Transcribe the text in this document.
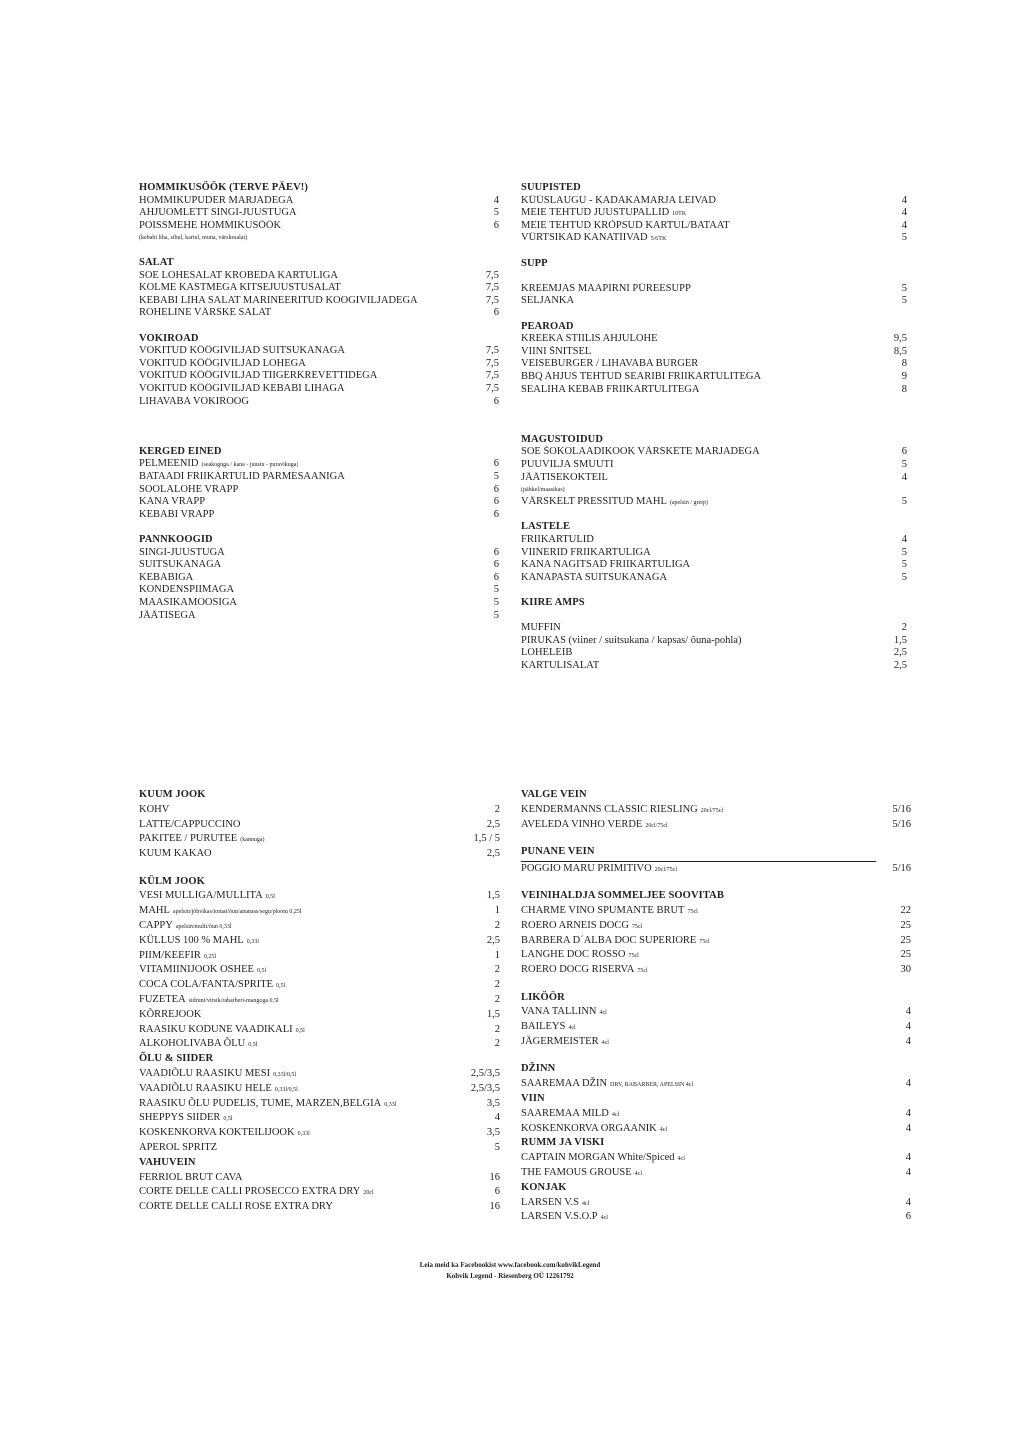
HOMMIKUSÖÖK (TERVE PÄEV!)
HOMMIKUPUDER MARJADEGA	4
AHJUOMLETT SINGI-JUUSTUGA	5
POISSMEHE HOMMIKUSÖÖK	6
(kebabi liha, sibul, kartul, muna, värskesalat)
SALAT
SOE LOHESALAT KROBEDA KARTULIGA	7,5
KOLME KASTMEGA KITSEJUUSTUSALAT	7,5
KEBABI LIHA SALAT MARINEERITUD KOOGIVILJADEGA	7,5
ROHELINE VÄRSKE SALAT	6
VOKIROAD
VOKITUD KÖÖGIVILJAD SUITSUKANAGA	7,5
VOKITUD KÖÖGIVILJAD LOHEGA	7,5
VOKITUD KÖÖGIVILJAD TIIGERKREVETTIDEGA	7,5
VOKITUD KÖÖGIVILJAD KEBABI LIHAGA	7,5
LIHAVABA VOKIROOG	6
KERGED EINED
PELMEENID (seakoguga / kana - juustu - puravikuga)	6
BATAADI FRIIKARTULID PARMESAANIGA	5
SOOLALOHE VRAPP	6
KANA VRAPP	6
KEBABI VRAPP	6
PANNKOOGID
SINGI-JUUSTUGA	6
SUITSUKANAGA	6
KEBABIGA	6
KONDENSPIIMAGA	5
MAASIKAMOOSIGA	5
JÄÄTISEGA	5
SUUPISTED
KÜÜSLAUGU - KADAKAMARJA LEIVAD	4
MEIE TEHTUD JUUSTUPALLID 10TK	4
MEIE TEHTUD KRÕPSUD KARTUL/BATAAT	4
VÜRTSIKAD KANATIIVAD 5/6TK	5
SUPP
KREEMJAS MAAPIRNI PÜREESUPP	5
SELJANKA	5
PEAROAD
KREEKA STIILIS AHJULOHE	9,5
VIINI ŠNITSEL	8,5
VEISEBURGER / LIHAVABA BURGER	8
BBQ AHJUS TEHTUD SEARIBI FRIIKARTULITEGA	9
SEALIHA KEBAB FRIIKARTULITEGA	8
MAGUSTOIDUD
SOE ŠOKOLAADIKOOK VÄRSKETE MARJADEGA	6
PUUVILJA SMUUTI	5
JÄÄTISEKOKTEIL	4
(pähkel/maasikas)
VÄRSKELT PRESSITUD MAHL (apelsin / greip)	5
LASTELE
FRIIKARTULID	4
VIINERID FRIIKARTULIGA	5
KANA NAGITSAD FRIIKARTULIGA	5
KANAPASTA SUITSUKANAGA	5
KIIRE AMPS
MUFFIN	2
PIRUKAS (viiner / suitsukana / kapsas/ õuna-pohla)	1,5
LOHELEIB	2,5
KARTULISALAT	2,5
KUUM JOOK
KOHV	2
LATTE/CAPPUCCINO	2,5
PAKITEE / PURUTEE (kannuga)	1,5 / 5
KUUM KAKAO	2,5
KÜLM JOOK
VESI MULLIGA/MULLITA 0,5l	1,5
MAHL apelsin/jõhvikas/tomat/õun/ananass/segu/ploom 0,25l	1
CAPPY apelsin/multi/õun 0,33l	2
KÜLLUS 100 % MAHL 0,33l	2,5
PIIM/KEEFIR 0,25l	1
VITAMIINIJOOK OSHEE 0,5l	2
COCA COLA/FANTA/SPRITE 0,5l	2
FUZETEA sidruni/virsik/rabarberi-mangoga 0,5l	2
KÕRREJOOK	1,5
RAASIKU KODUNE VAADIKALI 0,5l	2
ALKOHOLIVABA ÕLU 0,5l	2
ÕLU & SIIDER
VAADIÕLU RAASIKU MESI 0,33l/0,5l	2,5/3,5
VAADIÕLU RAASIKU HELE 0,33l/0,5l	2,5/3,5
RAASIKU ÕLU PUDELIS, TUME, MARZEN,BELGIA 0,33l	3,5
SHEPPYS SIIDER 0,5l	4
KOSKENKORVA KOKTEILIJOOK 0,33l	3,5
APEROL SPRITZ	5
VAHUVEIN
FERRIOL BRUT CAVA	16
CORTE DELLE CALLI PROSECCO EXTRA DRY 20cl	6
CORTE DELLE CALLI ROSE EXTRA DRY	16
VALGE VEIN
KENDERMANNS CLASSIC RIESLING 20cl/75cl	5/16
AVELEDA VINHO VERDE 20cl/75cl	5/16
PUNANE VEIN
POGGIO MARU PRIMITIVO 20cl/75cl	5/16
VEINIHALDJA SOMMELJEE SOOVITAB
CHARME VINO SPUMANTE BRUT 75cl	22
ROERO ARNEIS DOCG 75cl	25
BARBERA D´ALBA DOC SUPERIORE 75cl	25
LANGHE DOC ROSSO 75cl	25
ROERO DOCG RISERVA 75cl	30
LIKÖÖR
VANA TALLINN 4cl	4
BAILEYS 4cl	4
JÄGERMEISTER 4cl	4
DŽINN
SAAREMAA DŽIN DRY, RABARBER, APELSIN 4cl	4
VIIN
SAAREMAA MILD 4cl	4
KOSKENKORVA ORGAANIK 4cl	4
RUMM JA VISKI
CAPTAIN MORGAN White/Spiced 4cl	4
THE FAMOUS GROUSE 4cl	4
KONJAK
LARSEN V.S 4cl	4
LARSEN V.S.O.P 4cl	6
Leia meid ka Facebookist www.facebook.com/kohvikLegend
Kohvik Legend - Riesenberg OÜ 12261792
